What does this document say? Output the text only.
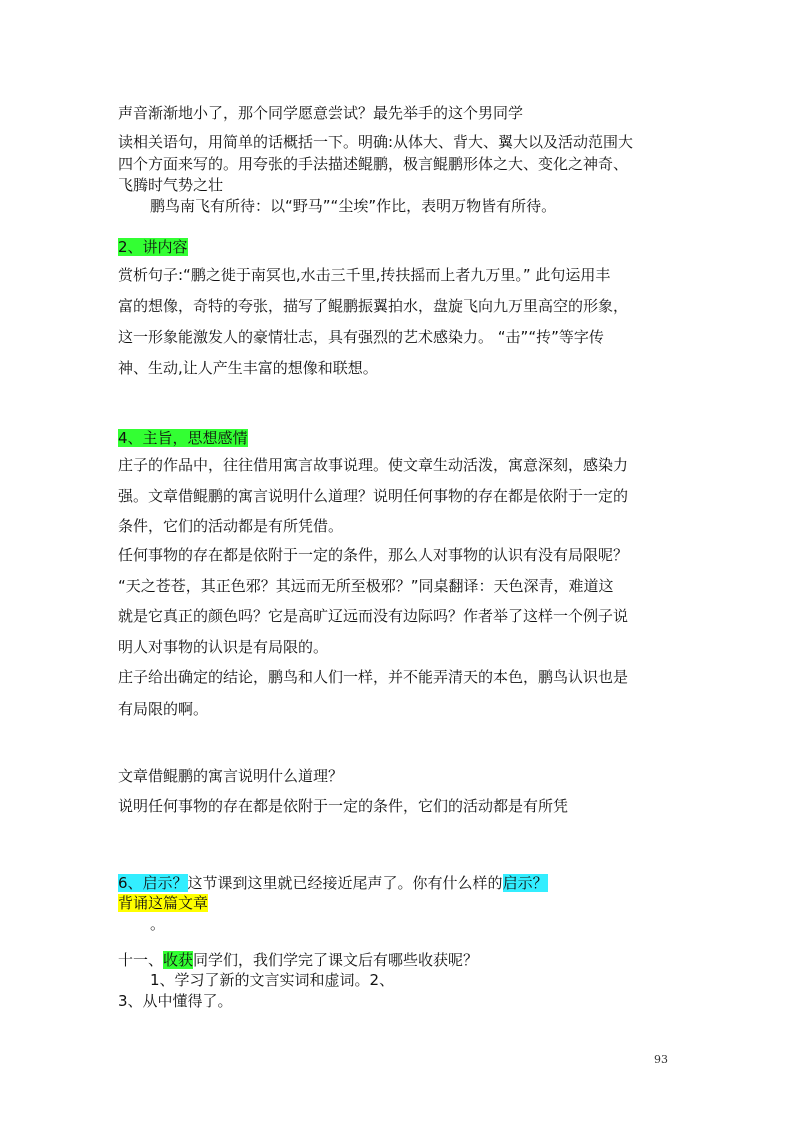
声音渐渐地小了，那个同学愿意尝试？最先举手的这个男同学
读相关语句，用简单的话概括一下。明确:从体大、背大、翼大以及活动范围大
四个方面来写的。用夸张的手法描述鲲鹏，极言鲲鹏形体之大、变化之神奇、
飞腾时气势之壮
鹏鸟南飞有所待：以“野马”“尘埃”作比，表明万物皆有所待。
2、讲内容
赏析句子:“鹏之徙于南冥也,水击三千里,抟扶摇而上者九万里。” 此句运用丰
富的想像，奇特的夸张，描写了鲲鹏振翼拍水，盘旋飞向九万里高空的形象，
这一形象能激发人的豪情壮志，具有强烈的艺术感染力。 “击”“抟”等字传
神、生动,让人产生丰富的想像和联想。
4、主旨，思想感情
庄子的作品中，往往借用寓言故事说理。使文章生动活泼，寓意深刻，感染力
强。文章借鲲鹏的寓言说明什么道理？说明任何事物的存在都是依附于一定的
条件，它们的活动都是有所凭借。
任何事物的存在都是依附于一定的条件，那么人对事物的认识有没有局限呢？
“天之苍苍，其正色邪？其远而无所至极邪？”同桌翻译：天色深青，难道这
就是它真正的颜色吗？它是高旷辽远而没有边际吗？作者举了这样一个例子说
明人对事物的认识是有局限的。
庄子给出确定的结论，鹏鸟和人们一样，并不能弄清天的本色，鹏鸟认识也是
有局限的啊。
文章借鲲鹏的寓言说明什么道理？
说明任何事物的存在都是依附于一定的条件，它们的活动都是有所凭
6、启示？这节课到这里就已经接近尾声了。你有什么样的启示？
背诵这篇文章
。
十一、收获同学们，我们学完了课文后有哪些收获呢？
1、学习了新的文言实词和虚词。2、
3、从中懂得了。
93
